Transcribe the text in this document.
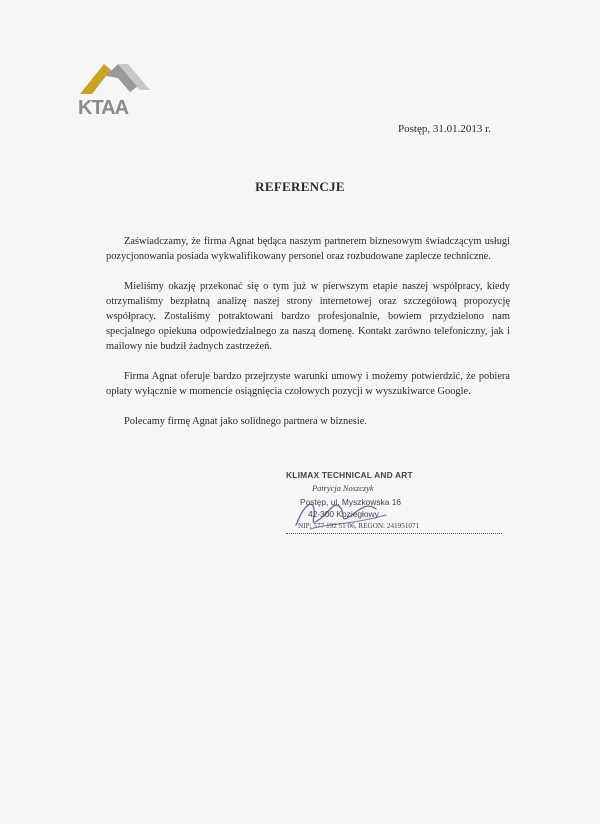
KTAA
Postęp, 31.01.2013 r.
REFERENCJE

Zaświadczamy, że firma Agnat będąca naszym partnerem biznesowym świadczącym usługi pozycjonowania posiada wykwalifikowany personel oraz rozbudowane zaplecze techniczne.

Mieliśmy okazję przekonać się o tym już w pierwszym etapie naszej współpracy, kiedy otrzymaliśmy bezpłatną analizę naszej strony internetowej oraz szczegółową propozycję współpracy. Zostaliśmy potraktowani bardzo profesjonalnie, bowiem przydzielono nam specjalnego opiekuna odpowiedzialnego za naszą domenę. Kontakt zarówno telefoniczny, jak i mailowy nie budził żadnych zastrzeżeń.

Firma Agnat oferuje bardzo przejrzyste warunki umowy i możemy potwierdzić, że pobiera opłaty wyłącznie w momencie osiągnięcia czołowych pozycji w wyszukiwarce Google.

Polecamy firmę Agnat jako solidnego partnera w biznesie.

KLIMAX TECHNICAL AND ART
Patrycja Noszczyk
Postęp, ul. Myszkowska 16
42-300 Koziegłowy
NIP: 577 192 51 06, REGON: 241951071
